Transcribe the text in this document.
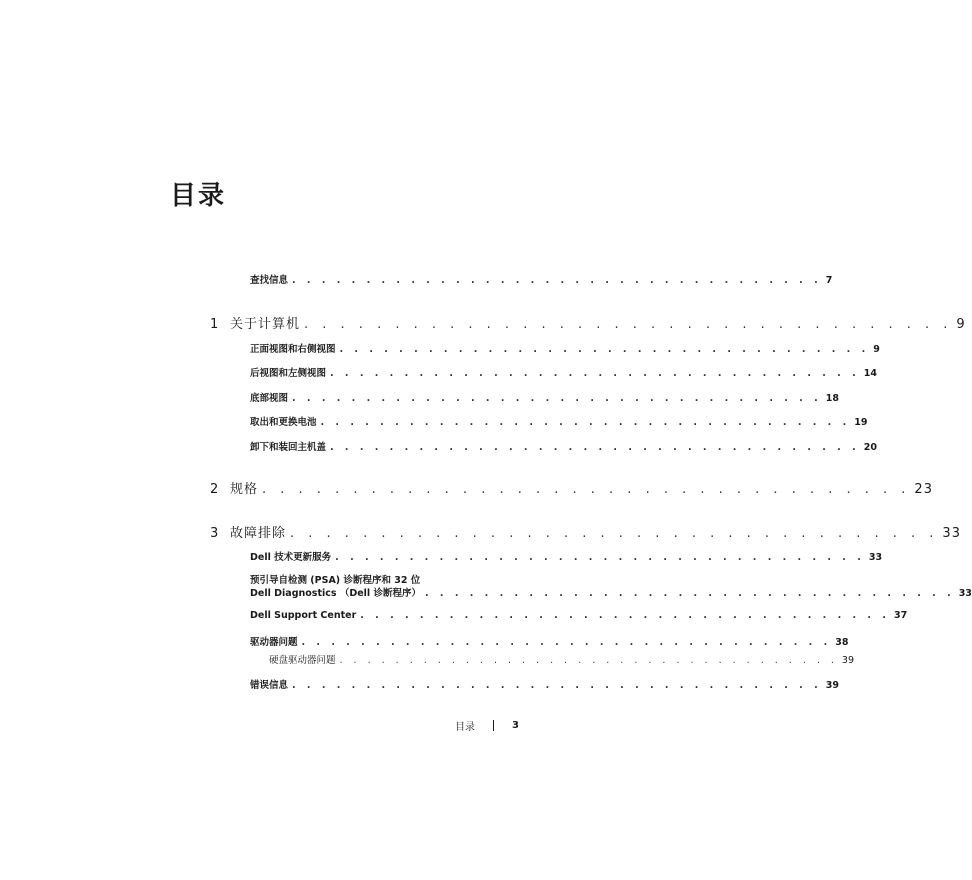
目录
查找信息 . . . . . . . . . . . . . . . . . . . . . . . . . . . . . . . . . . . . 7
1 关于计算机 . . . . . . . . . . . . . . . . . . . . . . . . . . . . . . . . . . . . 9
正面视图和右侧视图 . . . . . . . . . . . . . . . . . . . . . . . . . . . . . . . . . . . . 9
后视图和左侧视图 . . . . . . . . . . . . . . . . . . . . . . . . . . . . . . . . . . . . 14
底部视图 . . . . . . . . . . . . . . . . . . . . . . . . . . . . . . . . . . . . 18
取出和更换电池 . . . . . . . . . . . . . . . . . . . . . . . . . . . . . . . . . . . . 19
卸下和装回主机盖 . . . . . . . . . . . . . . . . . . . . . . . . . . . . . . . . . . . . 20
2 规格 . . . . . . . . . . . . . . . . . . . . . . . . . . . . . . . . . . . . 23
3 故障排除 . . . . . . . . . . . . . . . . . . . . . . . . . . . . . . . . . . . . 33
Dell 技术更新服务 . . . . . . . . . . . . . . . . . . . . . . . . . . . . . . . . . . . . 33
预引导自检测 (PSA) 诊断程序和 32 位
Dell Diagnostics （Dell 诊断程序） . . . . . . . . . . . . . . . . . . . . . . . . . . . . . . . . . . . . 33
Dell Support Center . . . . . . . . . . . . . . . . . . . . . . . . . . . . . . . . . . . . 37
驱动器问题 . . . . . . . . . . . . . . . . . . . . . . . . . . . . . . . . . . . . 38
硬盘驱动器问题 . . . . . . . . . . . . . . . . . . . . . . . . . . . . . . . . . . . . 39
错误信息 . . . . . . . . . . . . . . . . . . . . . . . . . . . . . . . . . . . . 39
目录	3
